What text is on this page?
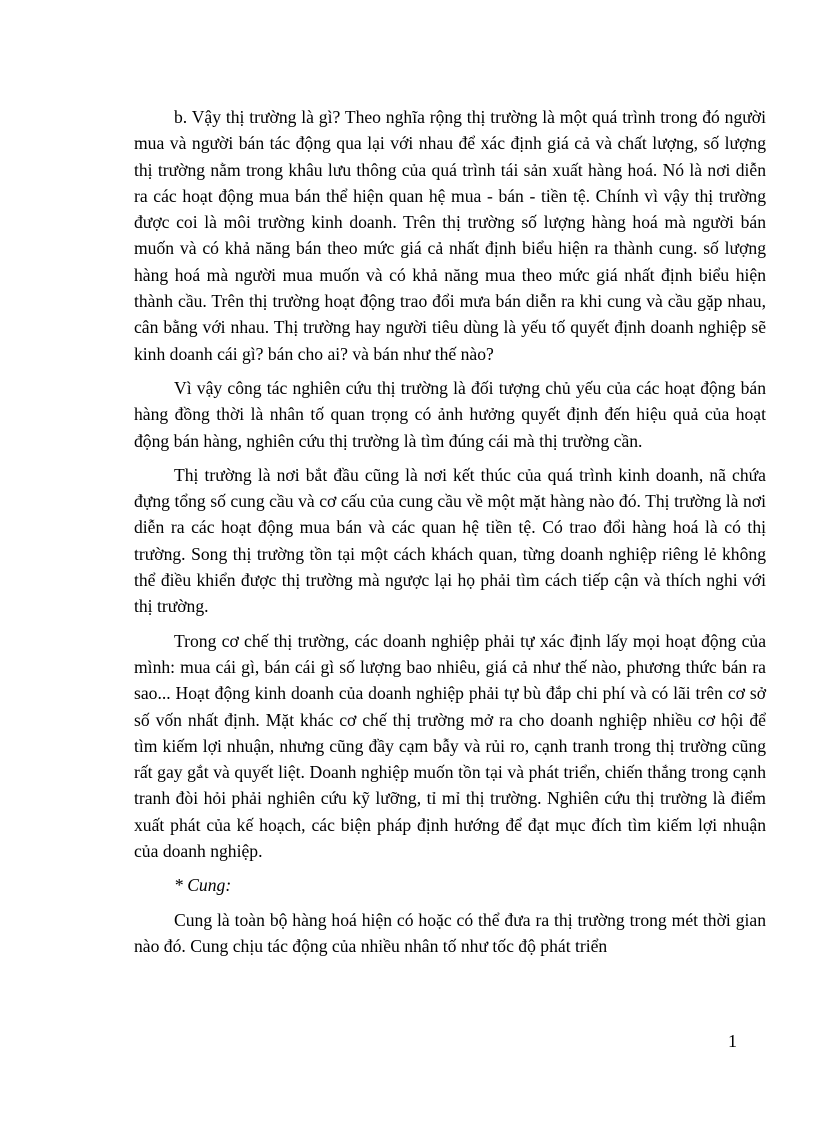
b. Vậy thị trường là gì? Theo nghĩa rộng thị trường là một quá trình trong đó người mua và người bán tác động qua lại với nhau để xác định giá cả và chất lượng, số lượng thị trường nằm trong khâu lưu thông của quá trình tái sản xuất hàng hoá. Nó là nơi diễn ra các hoạt động mua bán thể hiện quan hệ mua - bán - tiền tệ. Chính vì vậy thị trường được coi là môi trường kinh doanh. Trên thị trường số lượng hàng hoá mà người bán muốn và có khả năng bán theo mức giá cả nhất định biểu hiện ra thành cung. số lượng hàng hoá mà người mua muốn và có khả năng mua theo mức giá nhất định biểu hiện thành cầu. Trên thị trường hoạt động trao đổi mưa bán diễn ra khi cung và cầu gặp nhau, cân bằng với nhau. Thị trường hay người tiêu dùng là yếu tố quyết định doanh nghiệp sẽ kinh doanh cái gì? bán cho ai? và bán như thế nào?

Vì vậy công tác nghiên cứu thị trường là đối tượng chủ yếu của các hoạt động bán hàng đồng thời là nhân tố quan trọng có ảnh hưởng quyết định đến hiệu quả của hoạt động bán hàng, nghiên cứu thị trường là tìm đúng cái mà thị trường cần.

Thị trường là nơi bắt đầu cũng là nơi kết thúc của quá trình kinh doanh, nã chứa đựng tổng số cung cầu và cơ cấu của cung cầu về một mặt hàng nào đó. Thị trường là nơi diễn ra các hoạt động mua bán và các quan hệ tiền tệ. Có trao đổi hàng hoá là có thị trường. Song thị trường tồn tại một cách khách quan, từng doanh nghiệp riêng lẻ không thể điều khiển được thị trường mà ngược lại họ phải tìm cách tiếp cận và thích nghi với thị trường.

Trong cơ chế thị trường, các doanh nghiệp phải tự xác định lấy mọi hoạt động của mình: mua cái gì, bán cái gì số lượng bao nhiêu, giá cả như thế nào, phương thức bán ra sao... Hoạt động kinh doanh của doanh nghiệp phải tự bù đắp chi phí và có lãi trên cơ sở số vốn nhất định. Mặt khác cơ chế thị trường mở ra cho doanh nghiệp nhiều cơ hội để tìm kiếm lợi nhuận, nhưng cũng đầy cạm bẫy và rủi ro, cạnh tranh trong thị trường cũng rất gay gắt và quyết liệt. Doanh nghiệp muốn tồn tại và phát triển, chiến thắng trong cạnh tranh đòi hỏi phải nghiên cứu kỹ lưỡng, tỉ mỉ thị trường. Nghiên cứu thị trường là điểm xuất phát của kế hoạch, các biện pháp định hướng để đạt mục đích tìm kiếm lợi nhuận của doanh nghiệp.

* Cung:

Cung là toàn bộ hàng hoá hiện có hoặc có thể đưa ra thị trường trong mét thời gian nào đó. Cung chịu tác động của nhiều nhân tố như tốc độ phát triển

1
